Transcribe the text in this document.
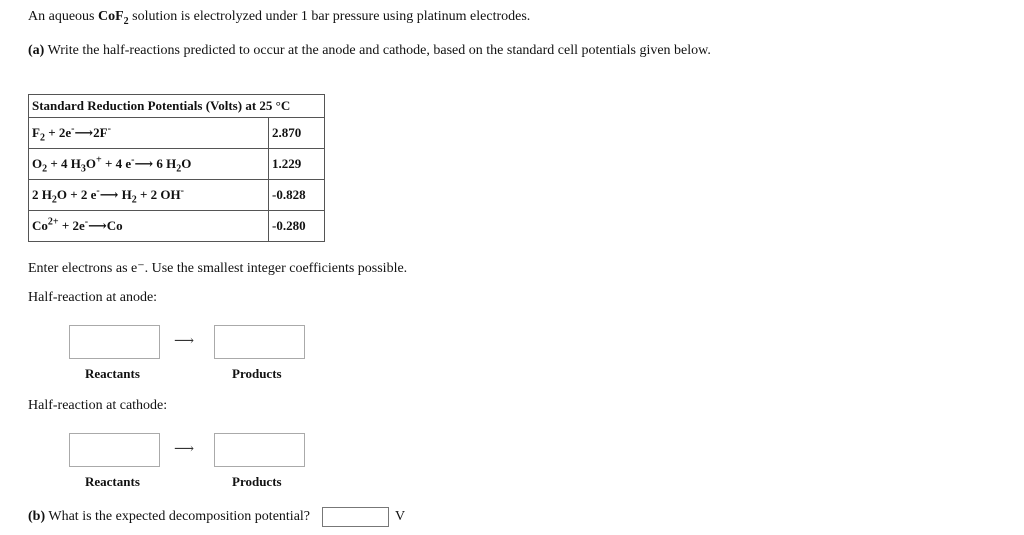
An aqueous CoF$_2$ solution is electrolyzed under 1 bar pressure using platinum electrodes.
(a) Write the half-reactions predicted to occur at the anode and cathode, based on the standard cell potentials given below.
Standard Reduction Potentials (Volts) at 25 °C	
$F_2$ + 2e-⟶2F-	2.870
$O_2 + 4$ $H_3O^+ + 4$ e-⟶ 6 $H_2O$	1.229
2 $H_2O + 2$ e-⟶ $H_2 + 2$ OH-	-0.828
$Co^{2+}$ + 2e-⟶Co	-0.280
Enter electrons as e⁻. Use the smallest integer coefficients possible.
Half-reaction at anode:
⟶
Reactants	Products
Half-reaction at cathode:
⟶
Reactants	Products
(b) What is the expected decomposition potential?	V
